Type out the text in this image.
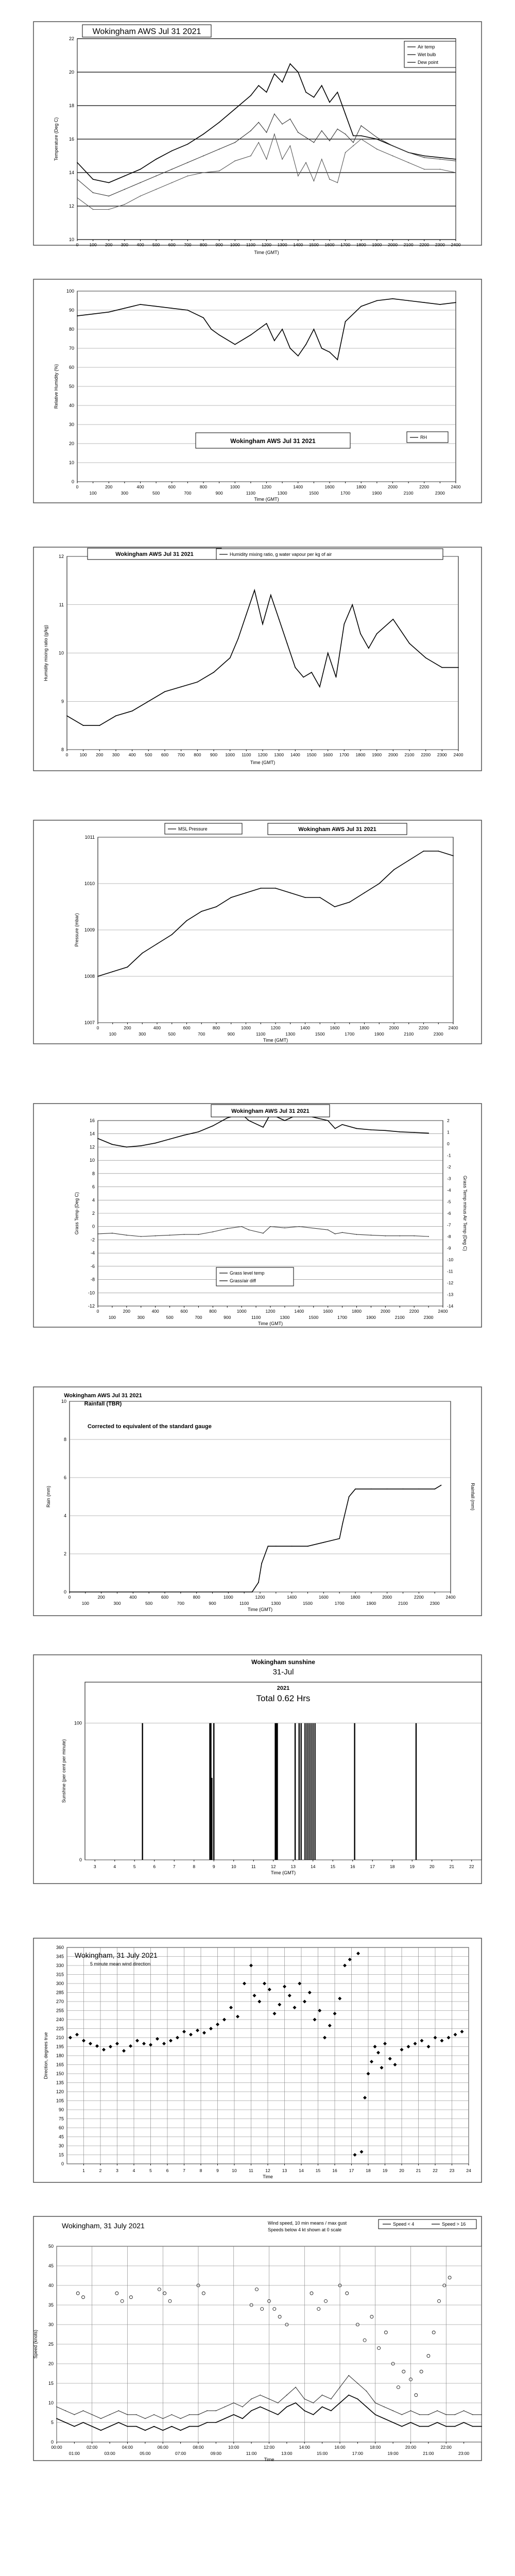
10
12
14
16
18
20
22
0 100 200 300 400 500 600 700 800 900 1000 1100 1200 1300 1400 1500 1600 1700 1800 1900 2000 2100 2200 2300 2400
Time (GMT)
Temperature (Deg C)
Wokingham AWS Jul 31 2021
Air temp
Wet bulb
Dew point
0
10
20
30
40
50
60
70
80
90
100
0	200	400	600	800	1000	1200	1400	1600	1800	2000	2200	2400
100	300	500	700	900	1100	1300	1500	1700	1900	2100	2300
Time (GMT)
Relative Humidity (%)
Wokingham AWS Jul 31 2021	RH
8
9
10
11
12
0	100 200 300 400 500 600 700 800 900 1000 1100 1200 1300 1400 1500 1600 1700 1800 1900 2000 2100 2200 2300 2400
Time (GMT)
Humidity mixing ratio (g/kg)
Wokingham AWS Jul 31 2021	Humidity mixing ratio, g water vapour per kg of air
1007
1008
1009
1010
1011
0	200	400	600	800	1000	1200	1400	1600	1800	2000	2200	2400
100	300	500	700	900	1100	1300	1500	1700	1900	2100	2300
Time (GMT)
Pressure (mbar)
Wokingham AWS Jul 31 2021
MSL Pressure
-12
-10
-8
-6
-4
-2
0
2
4
6
8
10
12
14
16
0	200	400	600	800	1000	1200	1400	1600	1800	2000	2200	2400
100	300	500	700	900	1100	1300	1500	1700	1900	2100	2300
Time (GMT)
Grass Temp (Deg C)
-14
-13
-12
-11
-10
-9
-8
-7
-6
-5
-4
-3
-2
-1
0
1
2
Grass Temp minus Air Temp (Deg C)
Wokingham AWS Jul 31 2021
Grass level temp
Grass/air diff
0
2
4
6
8
10
0	200	400	600	800	1000	1200	1400	1600	1800	2000	2200	2400
100	300	500	700	900	1100	1300	1500	1700	1900	2100	2300
Time (GMT)
Rain (mm)	Rainfall (mm)
Wokingham AWS Jul 31 2021
Rainfall (TBR)
Corrected to equivalent of the standard gauge
0
100
3	4	5	6	7	8	9	10	11	12	13	14	15	16	17	18	19	20	21	22
Time (GMT)
Sunshine (per cent per minute)
Wokingham sunshine
31-Jul
2021
Total 0.62 Hrs
0
15
30
45
60
75
90
105
120
135
150
165
180
195
210
225
240
255
270
285
300
315
330
345
360
1	2	3	4	5	6	7	8	9	10	11	12	13	14	15	16	17	18	19	20	21	22	23	24
Time
Direction, degrees true
Wokingham, 31 July 2021
5 minute mean wind direction
0
5
10
15
20
25
30
35
40
45
50
00:00	02:00	04:00	06:00	08:00	10:00	12:00	14:00	16:00	18:00	20:00	22:00
01:00	03:00	05:00	07:00	09:00	11:00	13:00	15:00	17:00	19:00	21:00	23:00
Time
Speed (knots)
Wokingham, 31 July 2021	Wind speed, 10 min means / max gust
Speeds below 4 kt shown at 0 scale
Speed < 4	Speed > 16
